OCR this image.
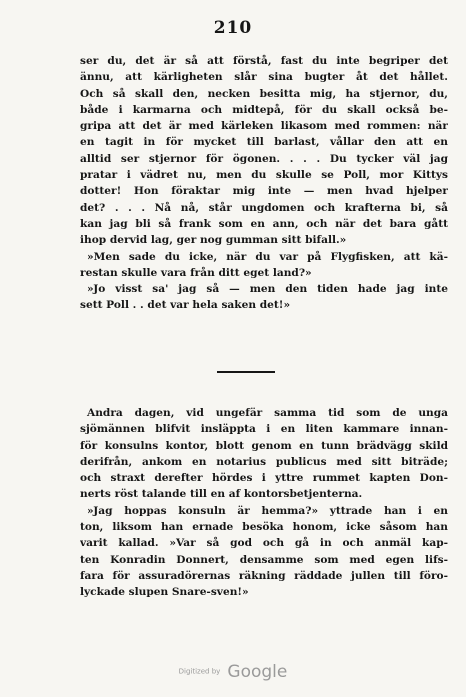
210
ser du, det är så att förstå, fast du inte begriper det
ännu, att kärligheten slår sina bugter åt det hållet.
Och så skall den, necken besitta mig, ha stjernor, du,
både i karmarna och midtepå, för du skall också be-
gripa att det är med kärleken likasom med rommen: när
en tagit in för mycket till barlast, vållar den att en
alltid ser stjernor för ögonen. . . . Du tycker väl jag
pratar i vädret nu, men du skulle se Poll, mor Kittys
dotter! Hon föraktar mig inte — men hvad hjelper
det? . . . Nå nå, står ungdomen och krafterna bi, så
kan jag bli så frank som en ann, och när det bara gått
ihop dervid lag, ger nog gumman sitt bifall.»
»Men sade du icke, när du var på Flygfisken, att kä-
restan skulle vara från ditt eget land?»
»Jo visst sa' jag så — men den tiden hade jag inte
sett Poll . . det var hela saken det!»
Andra dagen, vid ungefär samma tid som de unga
sjömännen blifvit insläppta i en liten kammare innan-
för konsulns kontor, blott genom en tunn brädvägg skild
derifrån, ankom en notarius publicus med sitt biträde;
och straxt derefter hördes i yttre rummet kapten Don-
nerts röst talande till en af kontorsbetjenterna.
»Jag hoppas konsuln är hemma?» yttrade han i en
ton, liksom han ernade besöka honom, icke såsom han
varit kallad. »Var så god och gå in och anmäl kap-
ten Konradin Donnert, densamme som med egen lifs-
fara för assuradörernas räkning räddade jullen till förо-
lyckade slupen Snare-sven!»
Digitized by Google
